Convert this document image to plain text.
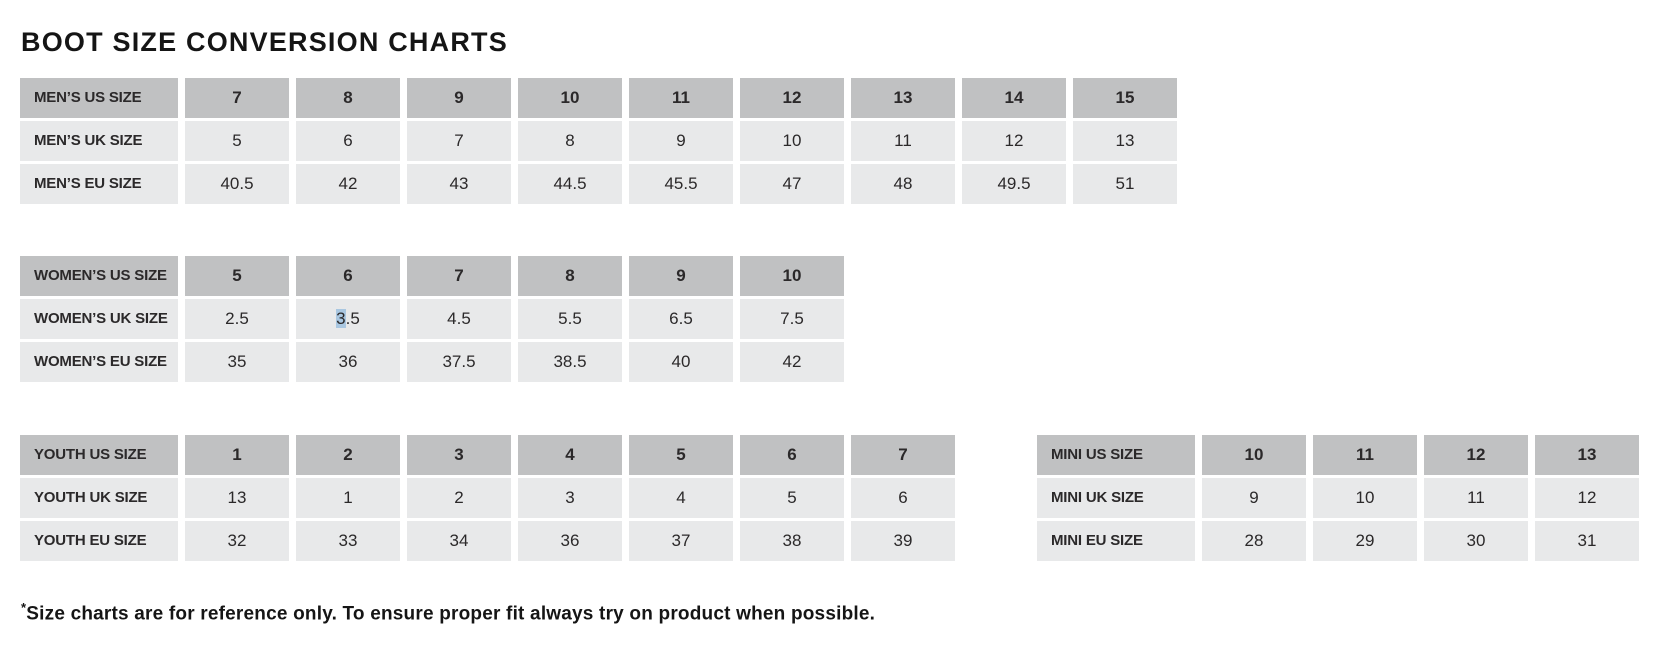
BOOT SIZE CONVERSION CHARTS
MEN’S US SIZE	7	8	9	10	11	12	13	14	15
MEN’S UK SIZE	5	6	7	8	9	10	11	12	13
MEN’S EU SIZE	40.5	42	43	44.5	45.5	47	48	49.5	51
WOMEN’S US SIZE	5	6	7	8	9	10
WOMEN’S UK SIZE	2.5	3.5	4.5	5.5	6.5	7.5
WOMEN’S EU SIZE	35	36	37.5	38.5	40	42
YOUTH US SIZE	1	2	3	4	5	6	7
YOUTH UK SIZE	13	1	2	3	4	5	6
YOUTH EU SIZE	32	33	34	36	37	38	39
MINI US SIZE	10	11	12	13
MINI UK SIZE	9	10	11	12
MINI EU SIZE	28	29	30	31
*Size charts are for reference only. To ensure proper fit always try on product when possible.
